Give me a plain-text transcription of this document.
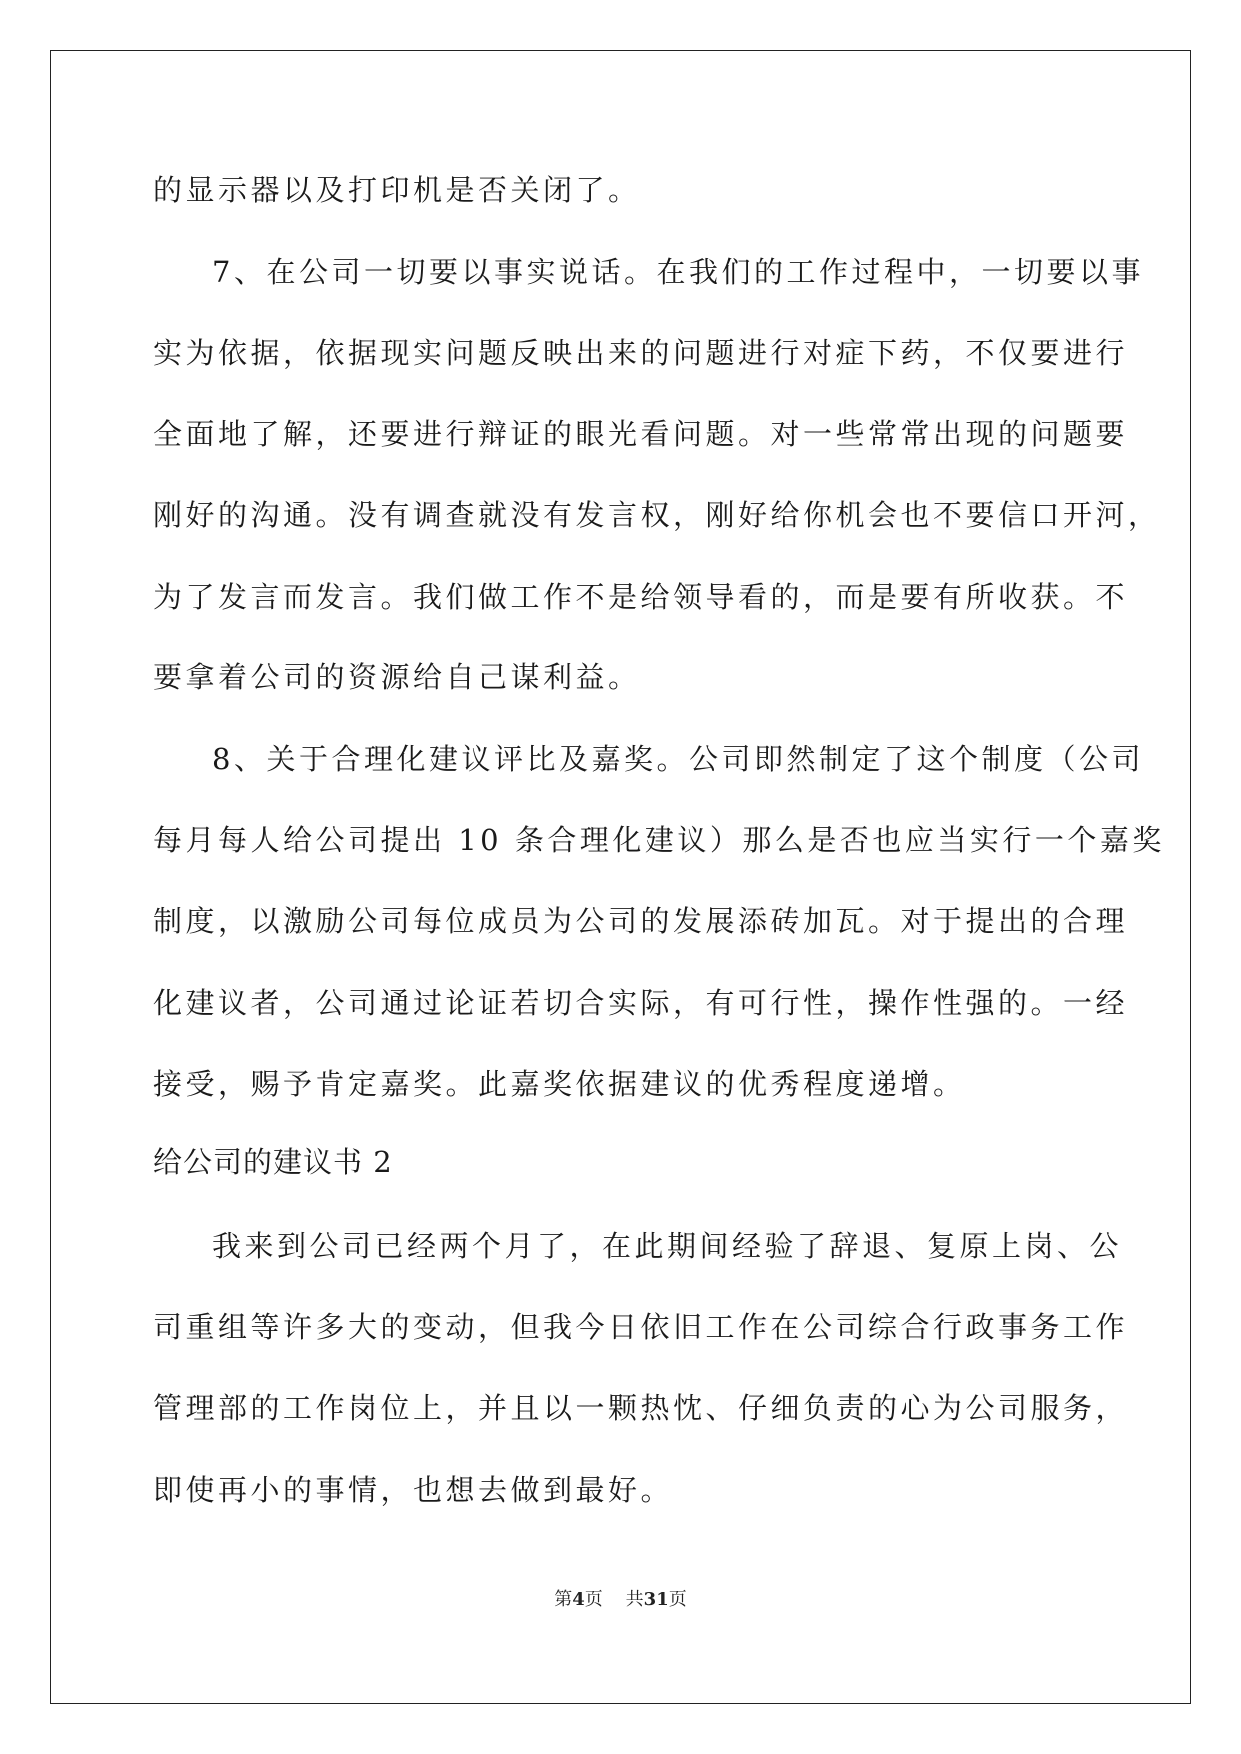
的显示器以及打印机是否关闭了。
7、在公司一切要以事实说话。在我们的工作过程中，一切要以事
实为依据，依据现实问题反映出来的问题进行对症下药，不仅要进行
全面地了解，还要进行辩证的眼光看问题。对一些常常出现的问题要
刚好的沟通。没有调查就没有发言权，刚好给你机会也不要信口开河，
为了发言而发言。我们做工作不是给领导看的，而是要有所收获。不
要拿着公司的资源给自己谋利益。
8、关于合理化建议评比及嘉奖。公司即然制定了这个制度（公司
每月每人给公司提出 10 条合理化建议）那么是否也应当实行一个嘉奖
制度，以激励公司每位成员为公司的发展添砖加瓦。对于提出的合理
化建议者，公司通过论证若切合实际，有可行性，操作性强的。一经
接受，赐予肯定嘉奖。此嘉奖依据建议的优秀程度递增。
给公司的建议书 2
我来到公司已经两个月了，在此期间经验了辞退、复原上岗、公
司重组等许多大的变动，但我今日依旧工作在公司综合行政事务工作
管理部的工作岗位上，并且以一颗热忱、仔细负责的心为公司服务，
即使再小的事情，也想去做到最好。
第4页 共31页
